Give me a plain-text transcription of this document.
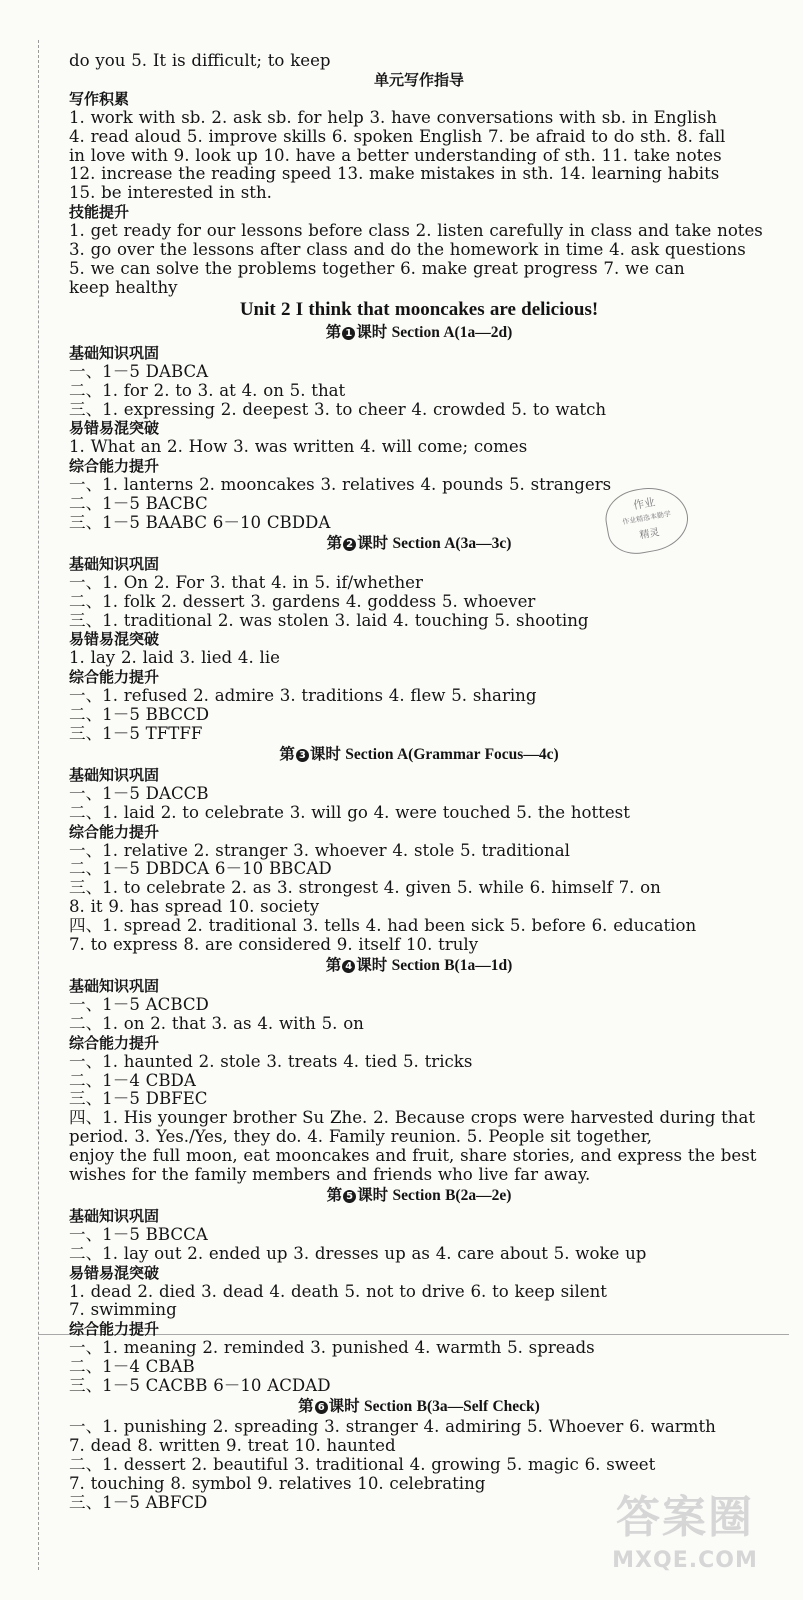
do you 5. It is difficult; to keep
单元写作指导
写作积累
1. work with sb. 2. ask sb. for help 3. have conversations with sb. in English
4. read aloud 5. improve skills 6. spoken English 7. be afraid to do sth. 8. fall
in love with 9. look up 10. have a better understanding of sth. 11. take notes
12. increase the reading speed 13. make mistakes in sth. 14. learning habits
15. be interested in sth.
技能提升
1. get ready for our lessons before class 2. listen carefully in class and take notes
3. go over the lessons after class and do the homework in time 4. ask questions
5. we can solve the problems together 6. make great progress 7. we can
keep healthy
Unit 2 I think that mooncakes are delicious!
第 1 课时 Section A(1a—2d)
基础知识巩固
一、1－5 DABCA
二、1. for 2. to 3. at 4. on 5. that
三、1. expressing 2. deepest 3. to cheer 4. crowded 5. to watch
易错易混突破
1. What an 2. How 3. was written 4. will come; comes
综合能力提升
一、1. lanterns 2. mooncakes 3. relatives 4. pounds 5. strangers
二、1－5 BACBC
三、1－5 BAABC 6－10 CBDDA
第 2 课时 Section A(3a—3c)
基础知识巩固
一、1. On 2. For 3. that 4. in 5. if/whether
二、1. folk 2. dessert 3. gardens 4. goddess 5. whoever
三、1. traditional 2. was stolen 3. laid 4. touching 5. shooting
易错易混突破
1. lay 2. laid 3. lied 4. lie
综合能力提升
一、1. refused 2. admire 3. traditions 4. flew 5. sharing
二、1－5 BBCCD
三、1－5 TFTFF
第 3 课时 Section A(Grammar Focus—4c)
基础知识巩固
一、1－5 DACCB
二、1. laid 2. to celebrate 3. will go 4. were touched 5. the hottest
综合能力提升
一、1. relative 2. stranger 3. whoever 4. stole 5. traditional
二、1－5 DBDCA 6－10 BBCAD
三、1. to celebrate 2. as 3. strongest 4. given 5. while 6. himself 7. on
8. it 9. has spread 10. society
四、1. spread 2. traditional 3. tells 4. had been sick 5. before 6. education
7. to express 8. are considered 9. itself 10. truly
第 4 课时 Section B(1a—1d)
基础知识巩固
一、1－5 ACBCD
二、1. on 2. that 3. as 4. with 5. on
综合能力提升
一、1. haunted 2. stole 3. treats 4. tied 5. tricks
二、1－4 CBDA
三、1－5 DBFEC
四、1. His younger brother Su Zhe. 2. Because crops were harvested during that
period. 3. Yes./Yes, they do. 4. Family reunion. 5. People sit together,
enjoy the full moon, eat mooncakes and fruit, share stories, and express the best
wishes for the family members and friends who live far away.
第 5 课时 Section B(2a—2e)
基础知识巩固
一、1－5 BBCCA
二、1. lay out 2. ended up 3. dresses up as 4. care about 5. woke up
易错易混突破
1. dead 2. died 3. dead 4. death 5. not to drive 6. to keep silent
7. swimming
综合能力提升
一、1. meaning 2. reminded 3. punished 4. warmth 5. spreads
二、1－4 CBAB
三、1－5 CACBB 6－10 ACDAD
第 6 课时 Section B(3a—Self Check)
一、1. punishing 2. spreading 3. stranger 4. admiring 5. Whoever 6. warmth
7. dead 8. written 9. treat 10. haunted
二、1. dessert 2. beautiful 3. traditional 4. growing 5. magic 6. sweet
7. touching 8. symbol 9. relatives 10. celebrating
三、1－5 ABFCD
作业
作业精选本勤学
精灵
答案圈
MXQE.COM
